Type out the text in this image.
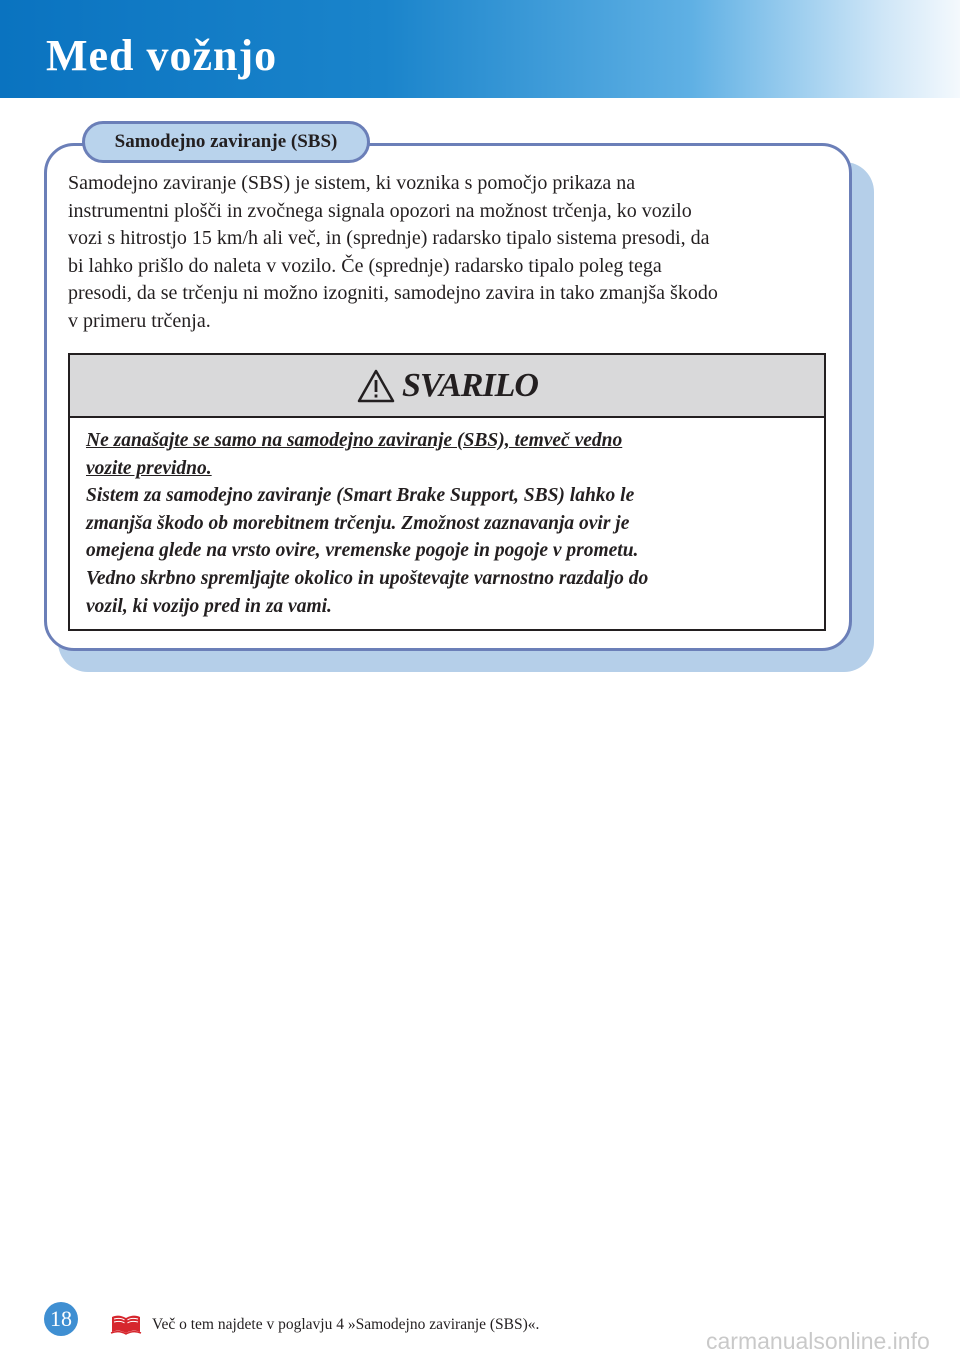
Med vožnjo
Samodejno zaviranje (SBS)
Samodejno zaviranje (SBS) je sistem, ki voznika s pomočjo prikaza na
instrumentni plošči in zvočnega signala opozori na možnost trčenja, ko vozilo
vozi s hitrostjo 15 km/h ali več, in (sprednje) radarsko tipalo sistema presodi, da
bi lahko prišlo do naleta v vozilo. Če (sprednje) radarsko tipalo poleg tega
presodi, da se trčenju ni možno izogniti, samodejno zavira in tako zmanjša škodo
v primeru trčenja.
SVARILO
Ne zanašajte se samo na samodejno zaviranje (SBS), temveč vedno
vozite previdno.
Sistem za samodejno zaviranje (Smart Brake Support, SBS) lahko le
zmanjša škodo ob morebitnem trčenju. Zmožnost zaznavanja ovir je
omejena glede na vrsto ovire, vremenske pogoje in pogoje v prometu.
Vedno skrbno spremljajte okolico in upoštevajte varnostno razdaljo do
vozil, ki vozijo pred in za vami.
18	Več o tem najdete v poglavju 4 »Samodejno zaviranje (SBS)«.
carmanualsonline.info
